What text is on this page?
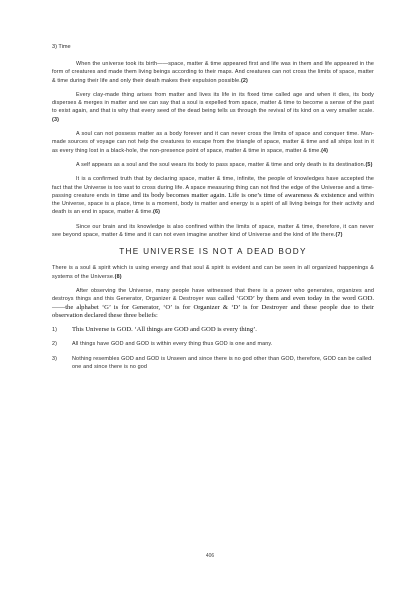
3) Time

When the universe took its birth——space, matter & time appeared first and life was in them and life appeared in the form of creatures and made them living beings according to their maps. And creatures can not cross the limits of space, matter & time during their life and only their death makes their expulsion possible.(2)

Every clay-made thing arises from matter and lives its life in its fixed time called age and when it dies, its body disperses & merges in matter and we can say that a soul is expelled from space, matter & time to become a sense of the past to exist again, and that is why that every seed of the dead being tells us through the revival of its kind on a very smaller scale.(3)

A soul can not possess matter as a body forever and it can never cross the limits of space and conquer time. Man-made sources of voyage can not help the creatures to escape from the triangle of space, matter & time and all ships lost in it as every thing lost in a black-hole, the non-presence point of space, matter & time in space, matter & time.(4)

A self appears as a soul and the soul wears its body to pass space, matter & time and only death is its destination.(5)

It is a confirmed truth that by declaring space, matter & time, infinite, the people of knowledges have accepted the fact that the Universe is too vast to cross during life. A space measuring thing can not find the edge of the Universe and a time-passing creature ends in time and its body becomes matter again. Life is one’s time of awareness & existence and within the Universe, space is a place, time is a moment, body is matter and energy is a spirit of all living beings for their activity and death is an end in space, matter & time.(6)

Since our brain and its knowledge is also confined within the limits of space, matter & time, therefore, it can never see beyond space, matter & time and it can not even imagine another kind of Universe and the kind of life there.(7)

THE UNIVERSE IS NOT A DEAD BODY

There is a soul & spirit which is using energy and that soul & spirit is evident and can be seen in all organized happenings & systems of the Universe.(8)

After observing the Universe, many people have witnessed that there is a power who generates, organizes and destroys things and this Generator, Organizer & Destroyer was called ‘GOD’ by them and even today in the word GOD.——the alphabet ‘G’ is for Generator, ‘O’ is for Organizer & ‘D’ is for Destroyer and these people due to their observation declared these three beliefs:

1)	This Universe is GOD. ‘All things are GOD and GOD is every thing’.
2)	All things have GOD and GOD is within every thing thus GOD is one and many.
3)	Nothing resembles GOD and GOD is Unseen and since there is no god other than GOD, therefore, GOD can be called one and since there is no god
406
